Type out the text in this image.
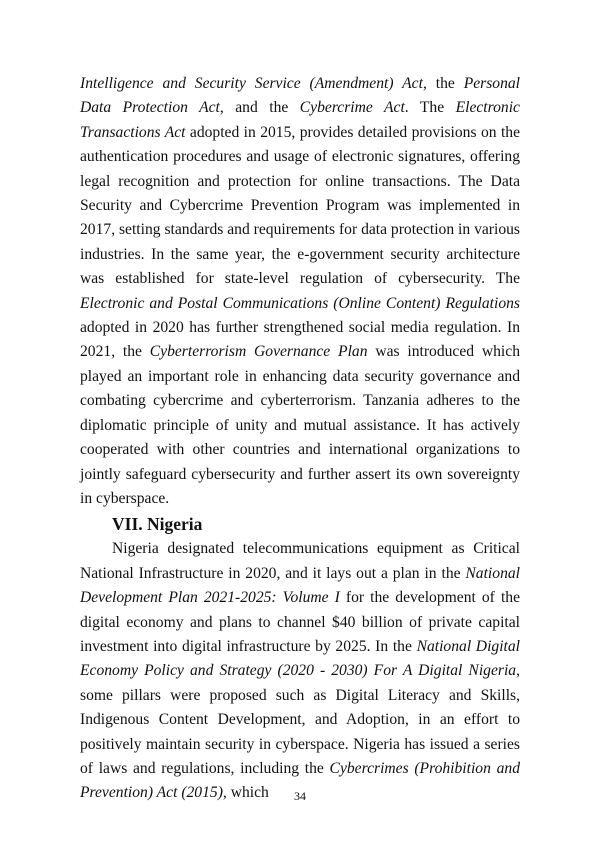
Intelligence and Security Service (Amendment) Act, the Personal Data Protection Act, and the Cybercrime Act. The Electronic Transactions Act adopted in 2015, provides detailed provisions on the authentication procedures and usage of electronic signatures, offering legal recognition and protection for online transactions. The Data Security and Cybercrime Prevention Program was implemented in 2017, setting standards and requirements for data protection in various industries. In the same year, the e-government security architecture was established for state-level regulation of cybersecurity. The Electronic and Postal Communications (Online Content) Regulations adopted in 2020 has further strengthened social media regulation. In 2021, the Cyberterrorism Governance Plan was introduced which played an important role in enhancing data security governance and combating cybercrime and cyberterrorism. Tanzania adheres to the diplomatic principle of unity and mutual assistance. It has actively cooperated with other countries and international organizations to jointly safeguard cybersecurity and further assert its own sovereignty in cyberspace.

VII. Nigeria

Nigeria designated telecommunications equipment as Critical National Infrastructure in 2020, and it lays out a plan in the National Development Plan 2021-2025: Volume I for the development of the digital economy and plans to channel $40 billion of private capital investment into digital infrastructure by 2025. In the National Digital Economy Policy and Strategy (2020 - 2030) For A Digital Nigeria, some pillars were proposed such as Digital Literacy and Skills, Indigenous Content Development, and Adoption, in an effort to positively maintain security in cyberspace. Nigeria has issued a series of laws and regulations, including the Cybercrimes (Prohibition and Prevention) Act (2015), which	34
